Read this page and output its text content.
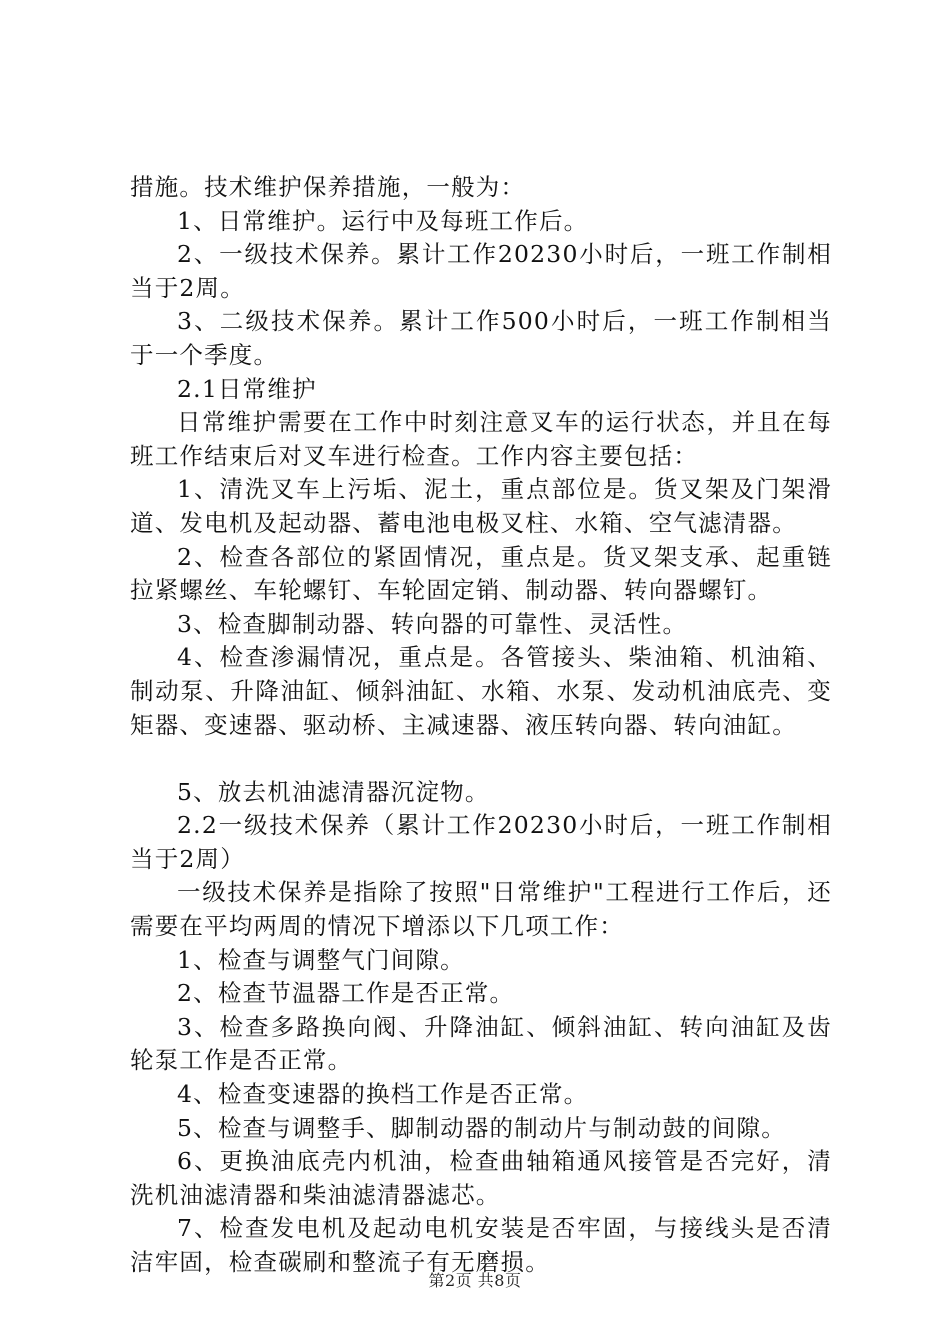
措施。技术维护保养措施，一般为：

1、日常维护。运行中及每班工作后。

2、一级技术保养。累计工作20230小时后，一班工作制相当于2周。

3、二级技术保养。累计工作500小时后，一班工作制相当于一个季度。

2.1日常维护

日常维护需要在工作中时刻注意叉车的运行状态，并且在每班工作结束后对叉车进行检查。工作内容主要包括：

1、清洗叉车上污垢、泥土，重点部位是。货叉架及门架滑道、发电机及起动器、蓄电池电极叉柱、水箱、空气滤清器。

2、检查各部位的紧固情况，重点是。货叉架支承、起重链拉紧螺丝、车轮螺钉、车轮固定销、制动器、转向器螺钉。

3、检查脚制动器、转向器的可靠性、灵活性。

4、检查渗漏情况，重点是。各管接头、柴油箱、机油箱、制动泵、升降油缸、倾斜油缸、水箱、水泵、发动机油底壳、变矩器、变速器、驱动桥、主减速器、液压转向器、转向油缸。

5、放去机油滤清器沉淀物。

2.2一级技术保养（累计工作20230小时后，一班工作制相当于2周）

一级技术保养是指除了按照"日常维护"工程进行工作后，还需要在平均两周的情况下增添以下几项工作：

1、检查与调整气门间隙。

2、检查节温器工作是否正常。

3、检查多路换向阀、升降油缸、倾斜油缸、转向油缸及齿轮泵工作是否正常。

4、检查变速器的换档工作是否正常。

5、检查与调整手、脚制动器的制动片与制动鼓的间隙。

6、更换油底壳内机油，检查曲轴箱通风接管是否完好，清洗机油滤清器和柴油滤清器滤芯。

7、检查发电机及起动电机安装是否牢固，与接线头是否清洁牢固，检查碳刷和整流子有无磨损。

第2页 共8页
